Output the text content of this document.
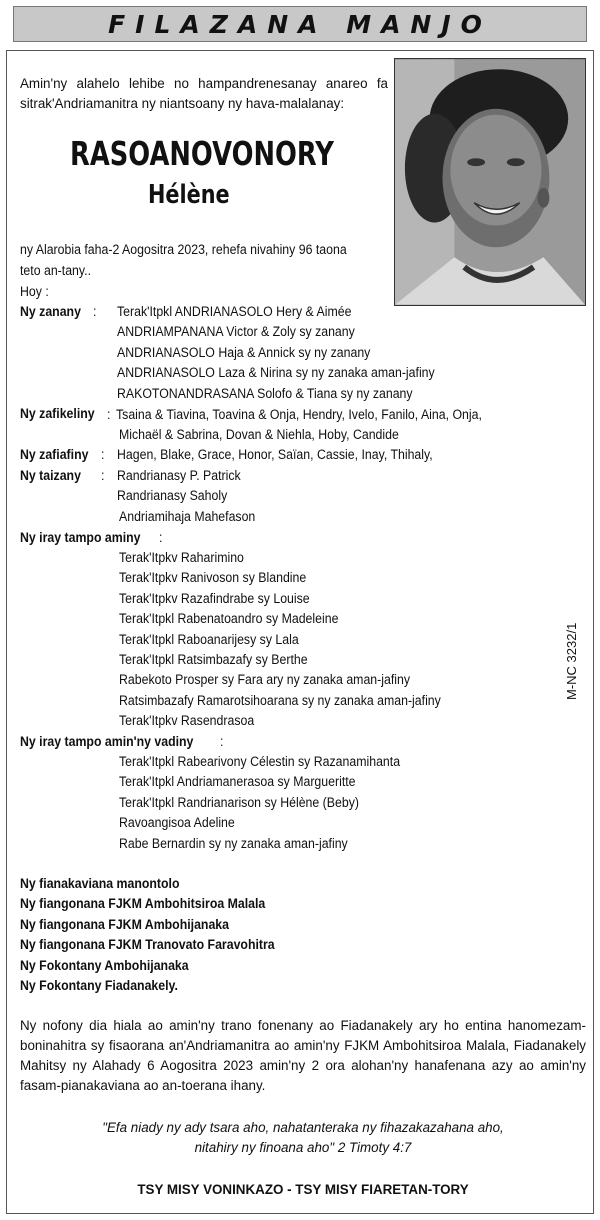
FILAZANA MANJO
Amin'ny alahelo lehibe no hampandrenesanay anareo fa sitrak'Andriamanitra ny niantsoany ny hava-malalanay:
RASOANOVONORY
Hélène
ny Alarobia faha-2 Aogositra 2023, rehefa nivahiny 96 taona
teto an-tany..
Hoy :
Ny zanany : Terak'Itpkl ANDRIANASOLO Hery & Aimée
ANDRIAMPANANA Victor & Zoly sy zanany
ANDRIANASOLO Haja & Annick sy ny zanany
ANDRIANASOLO Laza & Nirina sy ny zanaka aman-jafiny
RAKOTONANDRASANA Solofo & Tiana sy ny zanany
Ny zafikeliny : Tsaina & Tiavina, Toavina & Onja, Hendry, Ivelo, Fanilo, Aina, Onja,
Michaël & Sabrina, Dovan & Niehla, Hoby, Candide
Ny zafiafiny : Hagen, Blake, Grace, Honor, Saïan, Cassie, Inay, Thihaly,
Ny taizany : Randrianasy P. Patrick
Randrianasy Saholy
Andriamihaja Mahefason
Ny iray tampo aminy :
Terak'Itpkv Raharimino
Terak'Itpkv Ranivoson sy Blandine
Terak'Itpkv Razafindrabe sy Louise
Terak'Itpkl Rabenatoandro sy Madeleine
Terak'Itpkl Raboanarijesy sy Lala
Terak'Itpkl Ratsimbazafy sy Berthe
Rabekoto Prosper sy Fara ary ny zanaka aman-jafiny
Ratsimbazafy Ramarotsihoarana sy ny zanaka aman-jafiny
Terak'Itpkv Rasendrasoa
Ny iray tampo amin'ny vadiny :
Terak'Itpkl Rabearivony Célestin sy Razanamihanta
Terak'Itpkl Andriamanerasoa sy Margueritte
Terak'Itpkl Randrianarison sy Hélène (Beby)
Ravoangisoa Adeline
Rabe Bernardin sy ny zanaka aman-jafiny
Ny fianakaviana manontolo
Ny fiangonana FJKM Ambohitsiroa Malala
Ny fiangonana FJKM Ambohijanaka
Ny fiangonana FJKM Tranovato Faravohitra
Ny Fokontany Ambohijanaka
Ny Fokontany Fiadanakely.
M-NC 3232/1
Ny nofony dia hiala ao amin'ny trano fonenany ao Fiadanakely ary ho entina hanomezam-boninahitra sy fisaorana an'Andriamanitra ao amin'ny FJKM Ambohitsiroa Malala, Fiadanakely Mahitsy ny Alahady 6 Aogositra 2023 amin'ny 2 ora alohan'ny hanafenana azy ao amin'ny fasam-pianakaviana ao an-toerana ihany.
"Efa niady ny ady tsara aho, nahatanteraka ny fihazakazahana aho,
nitahiry ny finoana aho" 2 Timoty 4:7
TSY MISY VONINKAZO - TSY MISY FIARETAN-TORY
